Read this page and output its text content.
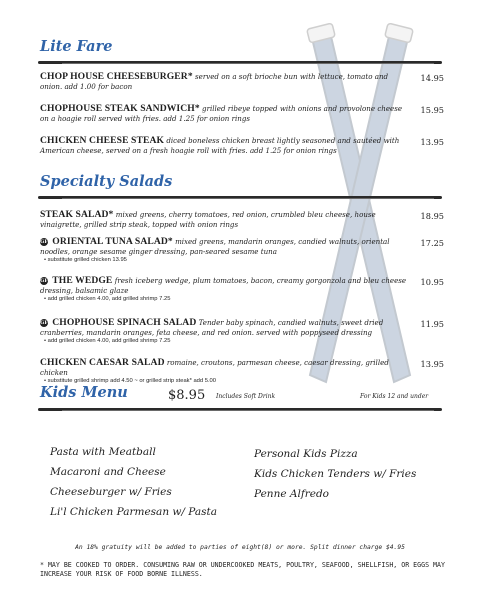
Lite Fare
CHOP HOUSE CHEESEBURGER* served on a soft brioche bun with lettuce, tomato and onion. add 1.00 for bacon
14.95
CHOPHOUSE STEAK SANDWICH* grilled ribeye topped with onions and provolone cheese on a hoagie roll served with fries. add 1.25 for onion rings
15.95
CHICKEN CHEESE STEAK diced boneless chicken breast lightly seasoned and sautéed with American cheese, served on a fresh hoagie roll with fries. add 1.25 for onion rings
13.95
Specialty Salads
STEAK SALAD* mixed greens, cherry tomatoes, red onion, crumbled bleu cheese, house vinaigrette, grilled strip steak, topped with onion rings
18.95
GF ORIENTAL TUNA SALAD* mixed greens, mandarin oranges, candied walnuts, oriental noodles, orange sesame ginger dressing, pan-seared sesame tuna
• substitute grilled chicken 13.95
17.25
GF THE WEDGE fresh iceberg wedge, plum tomatoes, bacon, creamy gorgonzola and bleu cheese dressing, balsamic glaze
• add grilled chicken 4.00, add grilled shrimp 7.25
10.95
GF CHOPHOUSE SPINACH SALAD Tender baby spinach, candied walnuts, sweet dried cranberries, mandarin oranges, feta cheese, and red onion. served with poppyseed dressing
• add grilled chicken 4.00, add grilled shrimp 7.25
11.95
CHICKEN CAESAR SALAD romaine, croutons, parmesan cheese, caesar dressing, grilled chicken
• substitute grilled shrimp add 4.50 ~ or grilled strip steak* add 5.00
13.95
Kids Menu	$8.95 Includes Soft Drink	For Kids 12 and under
Pasta with Meatball
Macaroni and Cheese
Cheeseburger w/ Fries
Li'l Chicken Parmesan w/ Pasta
Personal Kids Pizza
Kids Chicken Tenders w/ Fries
Penne Alfredo
An 18% gratuity will be added to parties of eight(8) or more. Split dinner charge $4.95
* MAY BE COOKED TO ORDER. CONSUMING RAW OR UNDERCOOKED MEATS, POULTRY, SEAFOOD, SHELLFISH, OR EGGS MAY INCREASE YOUR RISK OF FOOD BORNE ILLNESS.
